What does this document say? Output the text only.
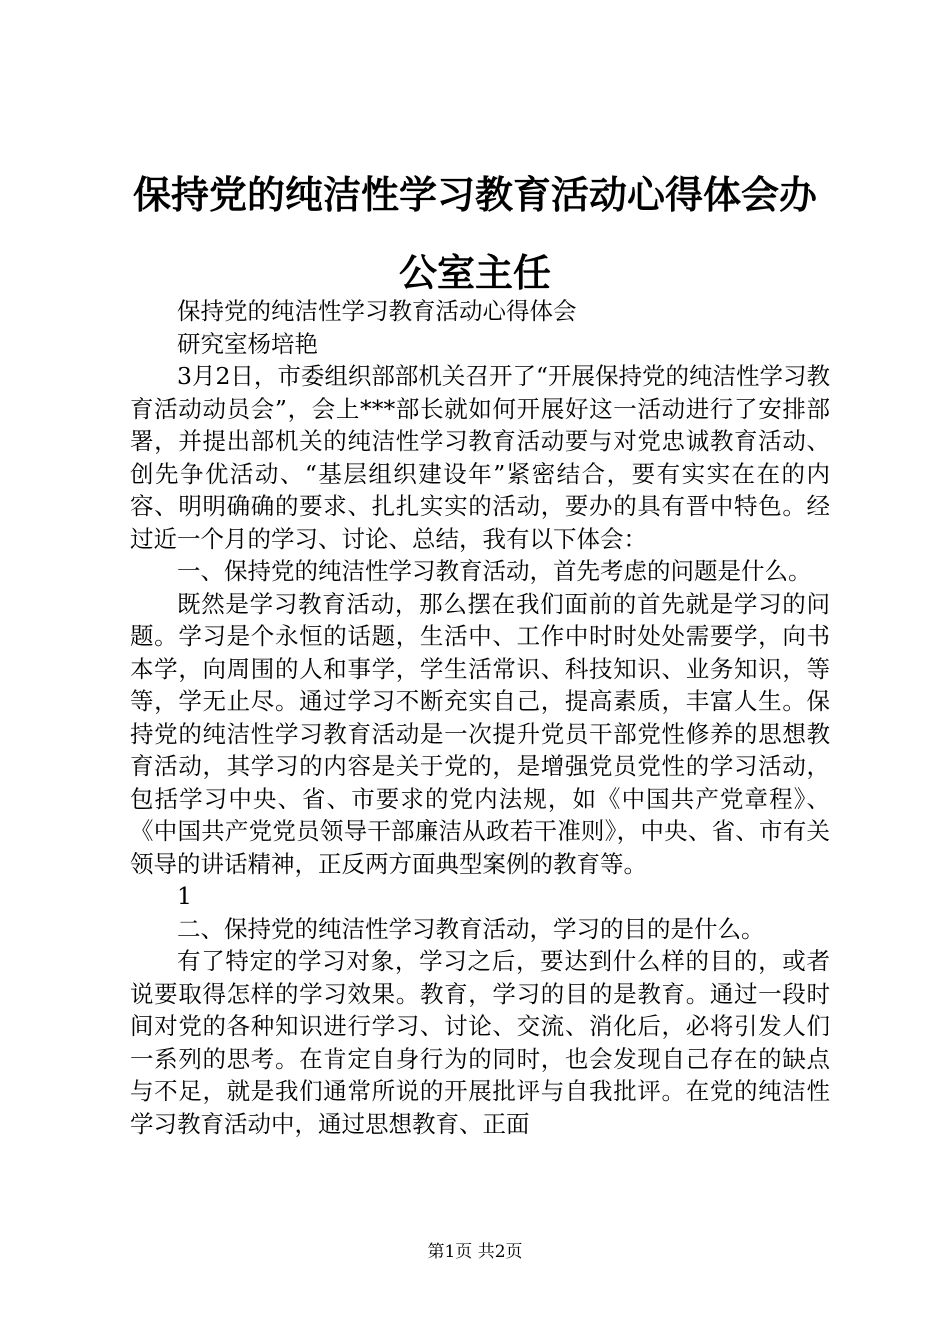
保持党的纯洁性学习教育活动心得体会办公室主任

保持党的纯洁性学习教育活动心得体会

研究室杨培艳

3月2日，市委组织部部机关召开了“开展保持党的纯洁性学习教育活动动员会”，会上***部长就如何开展好这一活动进行了安排部署，并提出部机关的纯洁性学习教育活动要与对党忠诚教育活动、创先争优活动、“基层组织建设年”紧密结合，要有实实在在的内容、明明确确的要求、扎扎实实的活动，要办的具有晋中特色。经过近一个月的学习、讨论、总结，我有以下体会：

一、保持党的纯洁性学习教育活动，首先考虑的问题是什么。

既然是学习教育活动，那么摆在我们面前的首先就是学习的问题。学习是个永恒的话题，生活中、工作中时时处处需要学，向书本学，向周围的人和事学，学生活常识、科技知识、业务知识，等等，学无止尽。通过学习不断充实自己，提高素质，丰富人生。保持党的纯洁性学习教育活动是一次提升党员干部党性修养的思想教育活动，其学习的内容是关于党的，是增强党员党性的学习活动，包括学习中央、省、市要求的党内法规，如《中国共产党章程》、《中国共产党党员领导干部廉洁从政若干准则》，中央、省、市有关领导的讲话精神，正反两方面典型案例的教育等。

1

二、保持党的纯洁性学习教育活动，学习的目的是什么。

有了特定的学习对象，学习之后，要达到什么样的目的，或者说要取得怎样的学习效果。教育，学习的目的是教育。通过一段时间对党的各种知识进行学习、讨论、交流、消化后，必将引发人们一系列的思考。在肯定自身行为的同时，也会发现自己存在的缺点与不足，就是我们通常所说的开展批评与自我批评。在党的纯洁性学习教育活动中，通过思想教育、正面

第1页 共2页
